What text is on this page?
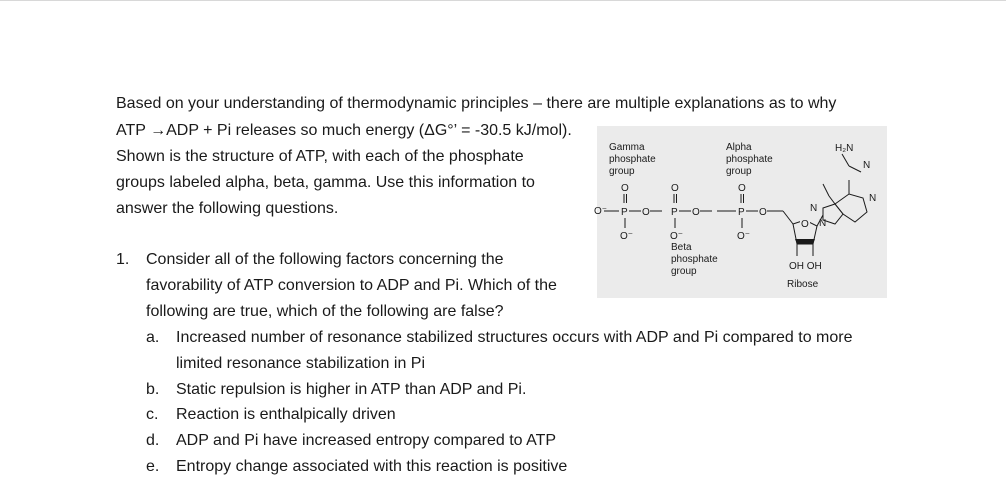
Based on your understanding of thermodynamic principles – there are multiple explanations as to why
ATP →ADP + Pi releases so much energy (ΔG°’ = -30.5 kJ/mol).
Shown is the structure of ATP, with each of the phosphate
groups labeled alpha, beta, gamma. Use this information to
answer the following questions.
Gamma
phosphate
group
Alpha
phosphate
group
Beta
phosphate
group
O
O⁻ P
O⁻
O
O
P
O⁻
O
O
P
O⁻
O
O
OH OH
Ribose
H₂N
N
N
N
N
1. Consider all of the following factors concerning the
favorability of ATP conversion to ADP and Pi. Which of the
following are true, which of the following are false?
a. Increased number of resonance stabilized structures occurs with ADP and Pi compared to more
limited resonance stabilization in Pi
b. Static repulsion is higher in ATP than ADP and Pi.
c. Reaction is enthalpically driven
d. ADP and Pi have increased entropy compared to ATP
e. Entropy change associated with this reaction is positive
